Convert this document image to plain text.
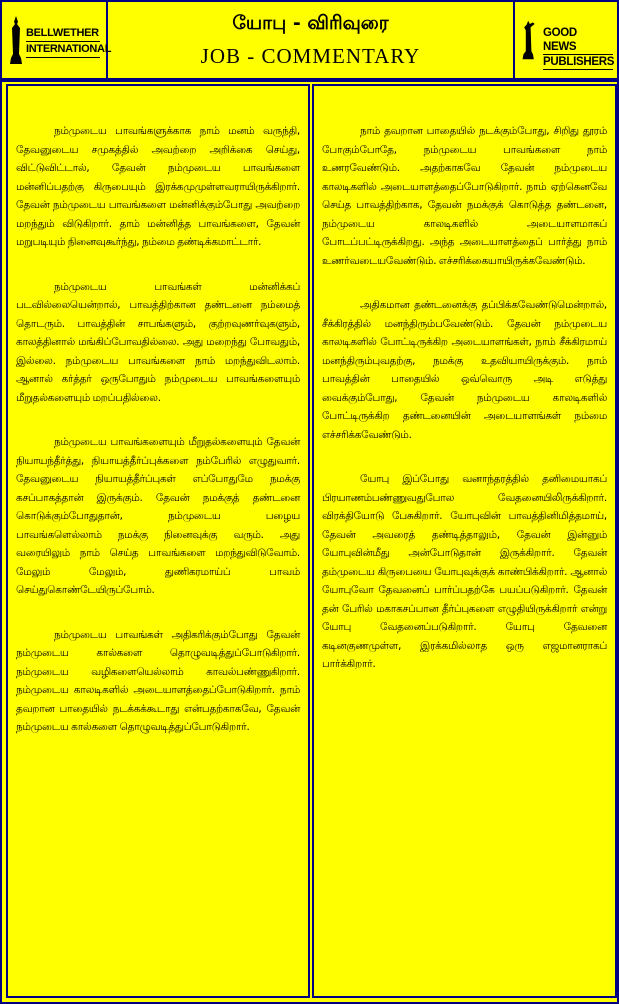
BELLWETHER
INTERNATIONAL
யோபு - விரிவுரை
JOB - COMMENTARY
GOOD NEWS
PUBLISHERS

நம்முடைய பாவங்களுக்காக நாம் மனம் வருந்தி, தேவனுடைய சமுகத்தில் அவற்றை அறிக்கை செய்து, விட்டுவிட்டால், தேவன் நம்முடைய பாவங்களை மன்னிப்பதற்கு கிருபையும் இரக்கமுமுள்ளவராயிருக்கிறார். தேவன் நம்முடைய பாவங்களை மன்னிக்கும்போது அவற்றை மறந்தும் விடுகிறார். தாம் மன்னித்த பாவங்களை, தேவன் மறுபடியும் நினைவுகூர்ந்து, நம்மை தண்டிக்கமாட்டார்.

நம்முடைய பாவங்கள் மன்னிக்கப் படவில்லையென்றால், பாவத்திற்கான தண்டனை நம்மைத் தொடரும். பாவத்தின் சாபங்களும், குற்றவுணர்வுகளும், காலத்தினால் மங்கிப்போவதில்லை. அது மறைந்து போவதும், இல்லை. நம்முடைய பாவங்களை நாம் மறந்துவிடலாம். ஆனால் கர்த்தர் ஒருபோதும் நம்முடைய பாவங்களையும் மீறுதல்களையும் மறப்பதில்லை.

நம்முடைய பாவங்களையும் மீறுதல்களையும் தேவன் நியாயந்தீர்த்து, நியாயத்தீர்ப்புக்களை நம்பேரில் எழுதுவார். தேவனுடைய நியாயத்தீர்ப்புகள் எப்போதுமே நமக்கு கசப்பாகத்தான் இருக்கும். தேவன் நமக்குத் தண்டனை கொடுக்கும்போதுதான், நம்முடைய பழைய பாவங்களெல்லாம் நமக்கு நினைவுக்கு வரும். அது வரையிலும் நாம் செய்த பாவங்களை மறந்துவிடுவோம். மேலும் மேலும், துணிகரமாய்ப் பாவம் செய்துகொண்டேயிருப்போம்.

நம்முடைய பாவங்கள் அதிகரிக்கும்போது தேவன் நம்முடைய கால்களை தொழுவடித்துப்போடுகிறார். நம்முடைய வழிகளையெல்லாம் காவல்பண்ணுகிறார். நம்முடைய காலடிகளில் அடையாளத்தைப்போடுகிறார். நாம் தவறான பாதையில் நடக்கக்கூடாது என்பதற்காகவே, தேவன் நம்முடைய கால்களை தொழுவடித்துப்போடுகிறார்.

நாம் தவறான பாதையில் நடக்கும்போது, சிறிது தூரம் போகும்போதே, நம்முடைய பாவங்களை நாம் உணரவேண்டும். அதற்காகவே தேவன் நம்முடைய காலடிகளில் அடையாளத்தைப்போடுகிறார். நாம் ஏற்கெனவே செய்த பாவத்திற்காக, தேவன் நமக்குக் கொடுத்த தண்டனை, நம்முடைய காலடிகளில் அடையாளமாகப் போடப்பட்டிருக்கிறது. அந்த அடையாளத்தைப் பார்த்து நாம் உணர்வடையவேண்டும். எச்சரிக்கையாயிருக்கவேண்டும்.

அதிகமான தண்டனைக்கு தப்பிக்கவேண்டுமென்றால், சீக்கிரத்தில் மனந்திரும்பவேண்டும். தேவன் நம்முடைய காலடிகளில் போட்டிருக்கிற அடையாளங்கள், நாம் சீக்கிரமாய் மனந்திரும்புவதற்கு, நமக்கு உதவியாயிருக்கும். நாம் பாவத்தின் பாதையில் ஒவ்வொரு அடி எடுத்து வைக்கும்போது, தேவன் நம்முடைய காலடிகளில் போட்டிருக்கிற தண்டனையின் அடையாளங்கள் நம்மை எச்சரிக்கவேண்டும்.

யோபு இப்போது வனாந்தரத்தில் தனிமையாகப் பிரயாணம்பண்ணுவதுபோல வேதனையிலிருக்கிறார். விரக்தியோடு பேசுகிறார். யோபுவின் பாவத்தினிமித்தமாய், தேவன் அவரைத் தண்டித்தாலும், தேவன் இன்னும் யோபுவின்மீது அன்போடுதான் இருக்கிறார். தேவன் தம்முடைய கிருபையை யோபுவுக்குக் காண்பிக்கிறார். ஆனால் யோபுவோ தேவனைப் பார்ப்பதற்கே பயப்படுகிறார். தேவன் தன் பேரில் மகாகசப்பான தீர்ப்புகளை எழுதியிருக்கிறார் என்று யோபு வேதனைப்படுகிறார். யோபு தேவனை கடினகுணமுள்ள, இரக்கமில்லாத ஒரு எஜமானராகப் பார்க்கிறார்.
